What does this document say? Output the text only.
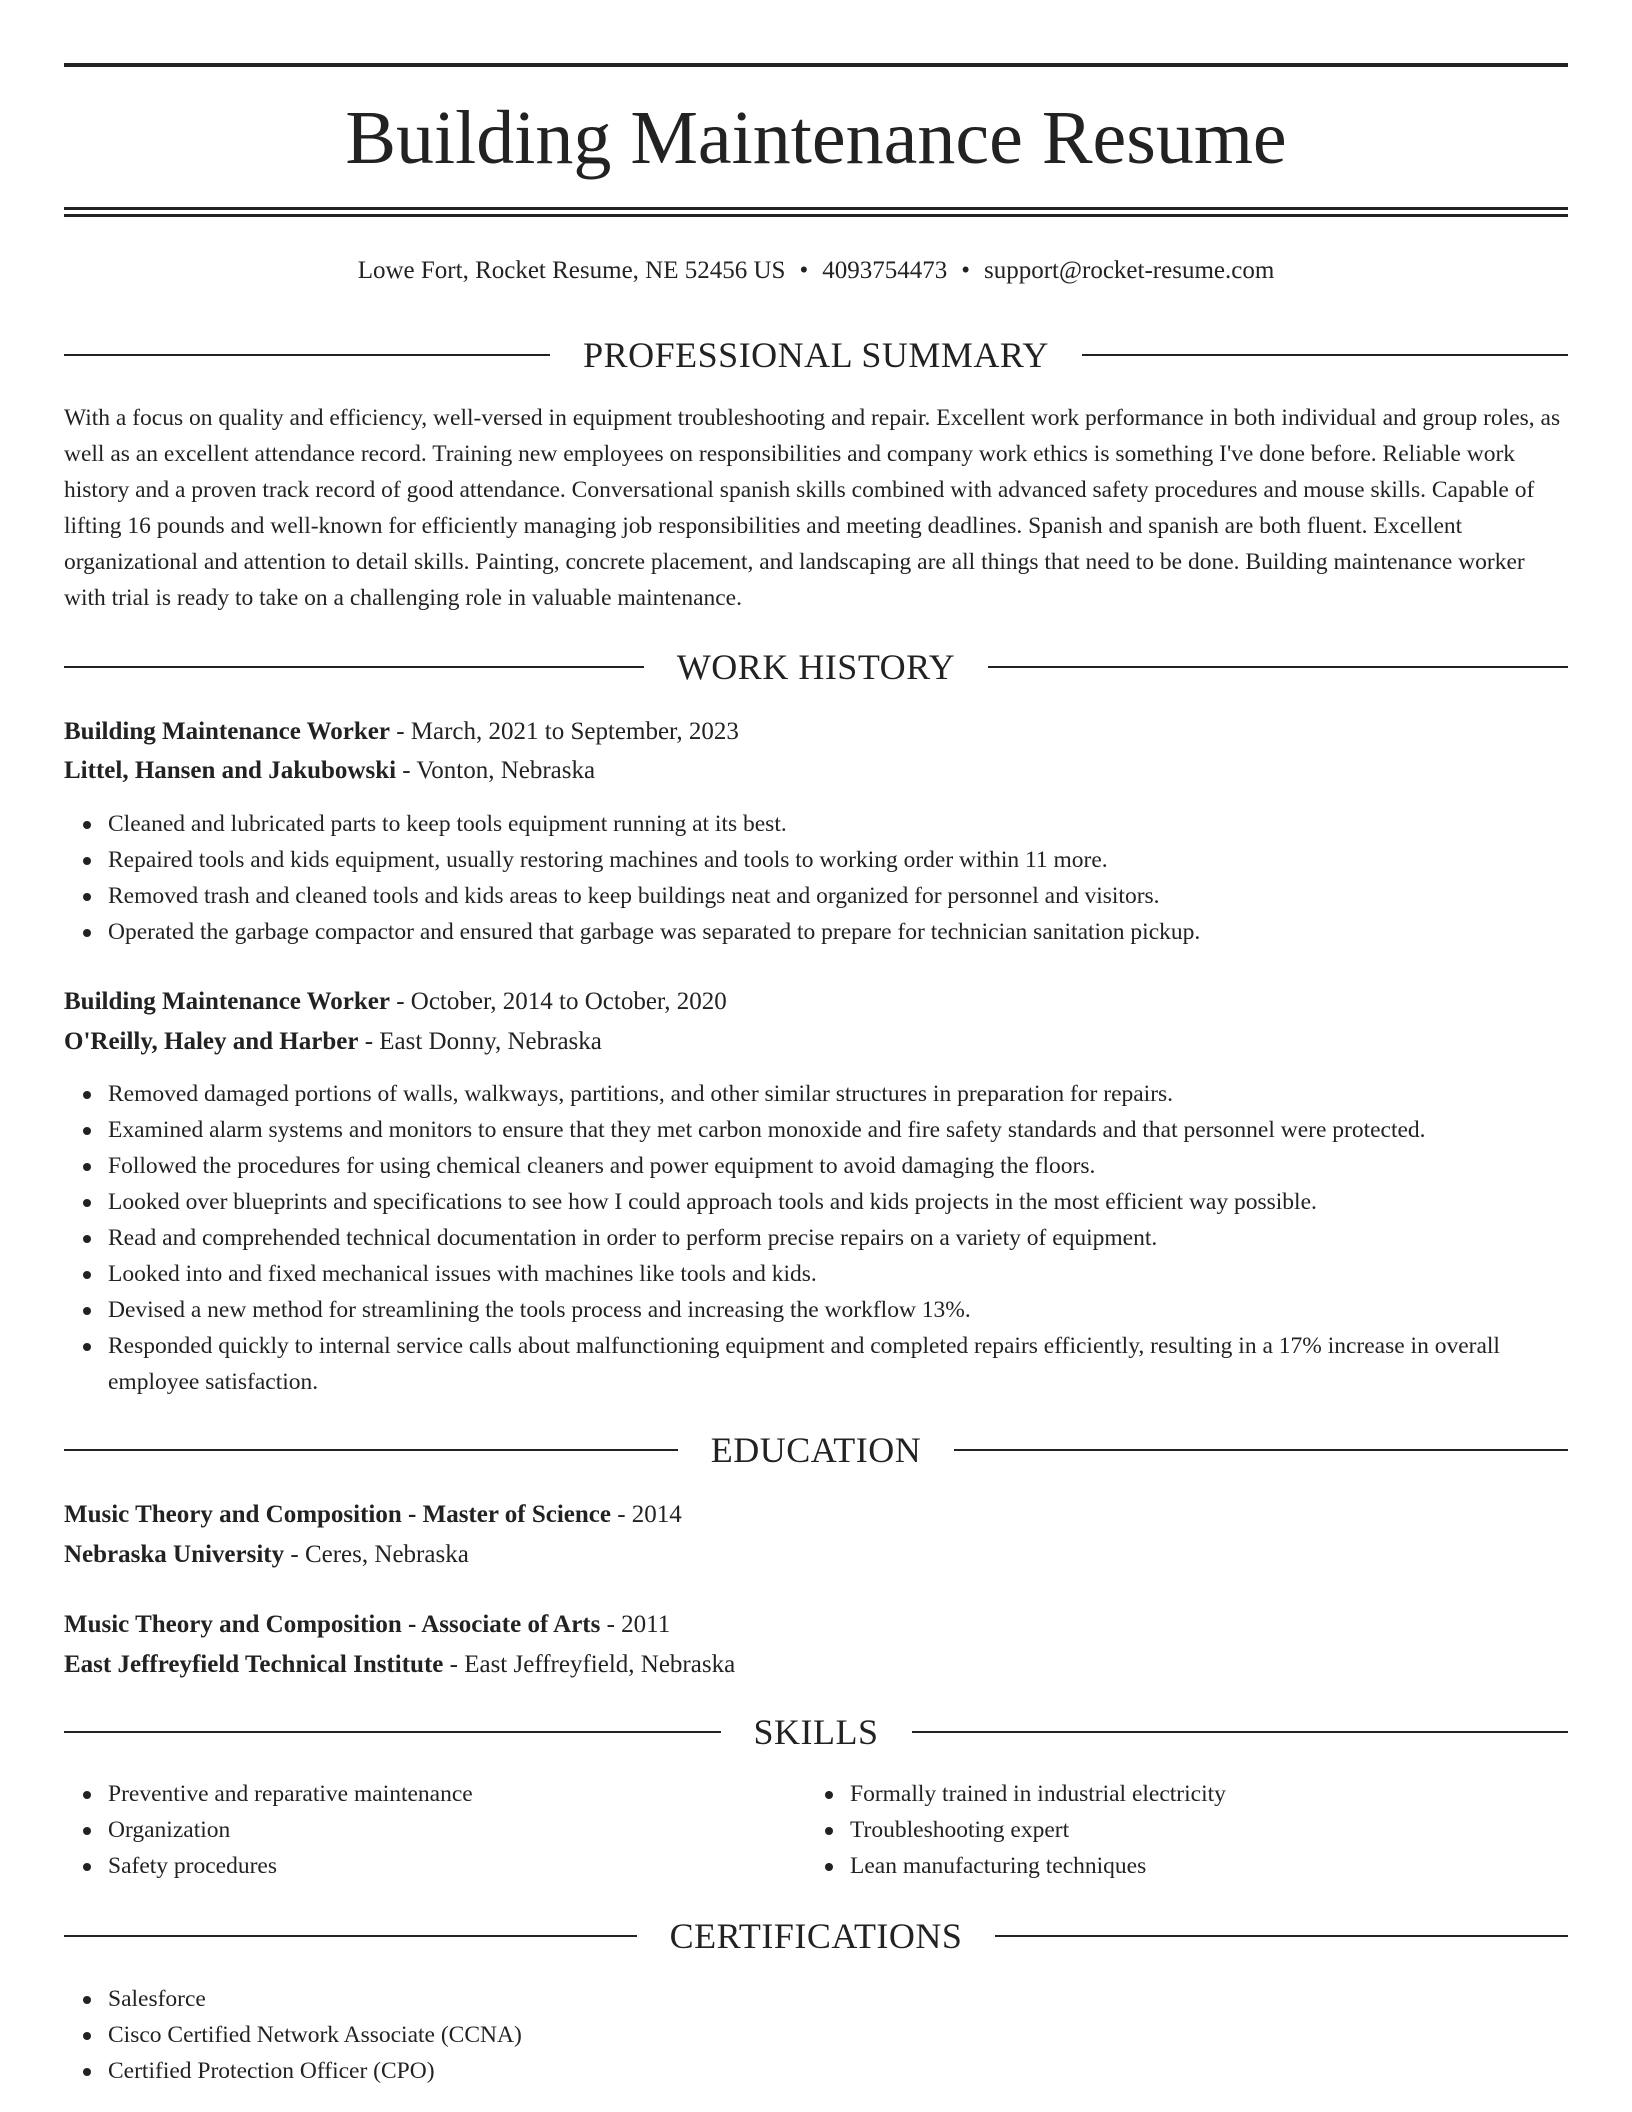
Building Maintenance Resume
Lowe Fort, Rocket Resume, NE 52456 US • 4093754473 • support@rocket-resume.com
PROFESSIONAL SUMMARY

With a focus on quality and efficiency, well-versed in equipment troubleshooting and repair. Excellent work performance in both individual and group roles, as well as an excellent attendance record. Training new employees on responsibilities and company work ethics is something I've done before. Reliable work history and a proven track record of good attendance. Conversational spanish skills combined with advanced safety procedures and mouse skills. Capable of lifting 16 pounds and well-known for efficiently managing job responsibilities and meeting deadlines. Spanish and spanish are both fluent. Excellent organizational and attention to detail skills. Painting, concrete placement, and landscaping are all things that need to be done. Building maintenance worker with trial is ready to take on a challenging role in valuable maintenance.

WORK HISTORY
Building Maintenance Worker - March, 2021 to September, 2023
Littel, Hansen and Jakubowski - Vonton, Nebraska
Cleaned and lubricated parts to keep tools equipment running at its best.
Repaired tools and kids equipment, usually restoring machines and tools to working order within 11 more.
Removed trash and cleaned tools and kids areas to keep buildings neat and organized for personnel and visitors.
Operated the garbage compactor and ensured that garbage was separated to prepare for technician sanitation pickup.
Building Maintenance Worker - October, 2014 to October, 2020
O'Reilly, Haley and Harber - East Donny, Nebraska
Removed damaged portions of walls, walkways, partitions, and other similar structures in preparation for repairs.
Examined alarm systems and monitors to ensure that they met carbon monoxide and fire safety standards and that personnel were protected.
Followed the procedures for using chemical cleaners and power equipment to avoid damaging the floors.
Looked over blueprints and specifications to see how I could approach tools and kids projects in the most efficient way possible.
Read and comprehended technical documentation in order to perform precise repairs on a variety of equipment.
Looked into and fixed mechanical issues with machines like tools and kids.
Devised a new method for streamlining the tools process and increasing the workflow 13%.
Responded quickly to internal service calls about malfunctioning equipment and completed repairs efficiently, resulting in a 17% increase in overall employee satisfaction.
EDUCATION
Music Theory and Composition - Master of Science - 2014
Nebraska University - Ceres, Nebraska
Music Theory and Composition - Associate of Arts - 2011
East Jeffreyfield Technical Institute - East Jeffreyfield, Nebraska
SKILLS
Preventive and reparative maintenance
Organization
Safety procedures
Formally trained in industrial electricity
Troubleshooting expert
Lean manufacturing techniques
CERTIFICATIONS
Salesforce
Cisco Certified Network Associate (CCNA)
Certified Protection Officer (CPO)
